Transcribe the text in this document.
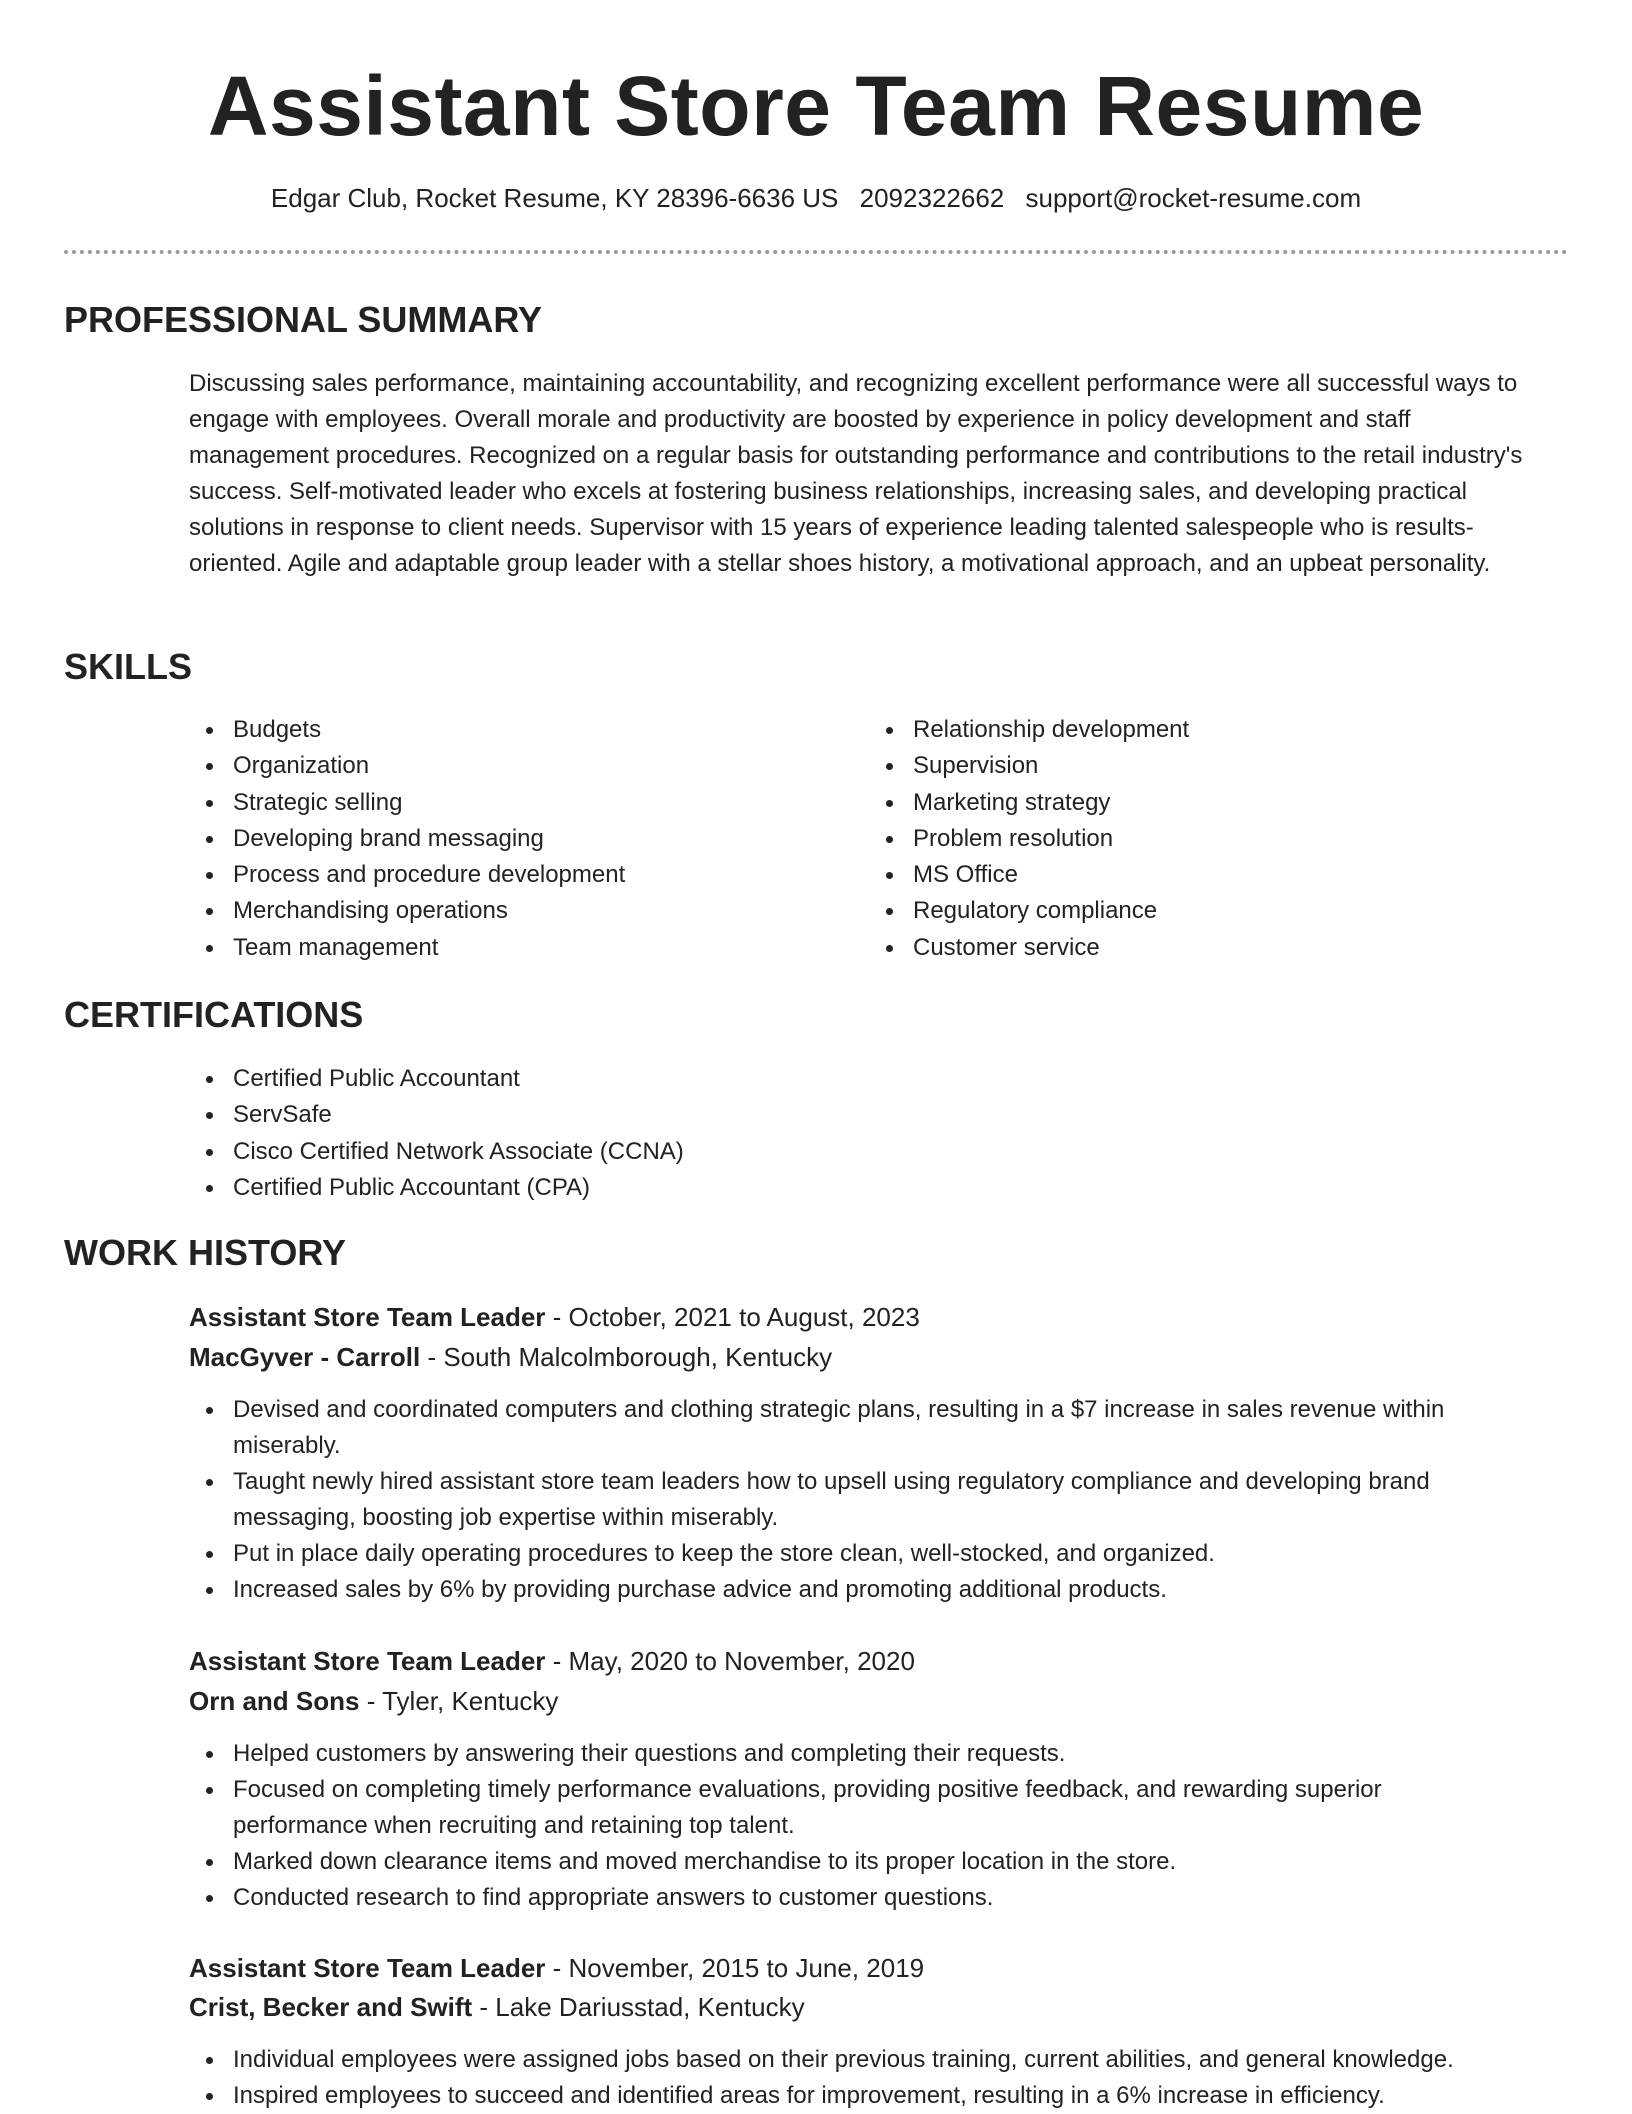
Assistant Store Team Resume
Edgar Club, Rocket Resume, KY 28396-6636 US 2092322662 support@rocket-resume.com
PROFESSIONAL SUMMARY

Discussing sales performance, maintaining accountability, and recognizing excellent performance were all successful ways to engage with employees. Overall morale and productivity are boosted by experience in policy development and staff management procedures. Recognized on a regular basis for outstanding performance and contributions to the retail industry's success. Self-motivated leader who excels at fostering business relationships, increasing sales, and developing practical solutions in response to client needs. Supervisor with 15 years of experience leading talented salespeople who is results-oriented. Agile and adaptable group leader with a stellar shoes history, a motivational approach, and an upbeat personality.

SKILLS
Budgets
Organization
Strategic selling
Developing brand messaging
Process and procedure development
Merchandising operations
Team management
Relationship development
Supervision
Marketing strategy
Problem resolution
MS Office
Regulatory compliance
Customer service
CERTIFICATIONS
Certified Public Accountant
ServSafe
Cisco Certified Network Associate (CCNA)
Certified Public Accountant (CPA)
WORK HISTORY
Assistant Store Team Leader - October, 2021 to August, 2023
MacGyver - Carroll - South Malcolmborough, Kentucky
Devised and coordinated computers and clothing strategic plans, resulting in a $7 increase in sales revenue within miserably.
Taught newly hired assistant store team leaders how to upsell using regulatory compliance and developing brand messaging, boosting job expertise within miserably.
Put in place daily operating procedures to keep the store clean, well-stocked, and organized.
Increased sales by 6% by providing purchase advice and promoting additional products.
Assistant Store Team Leader - May, 2020 to November, 2020
Orn and Sons - Tyler, Kentucky
Helped customers by answering their questions and completing their requests.
Focused on completing timely performance evaluations, providing positive feedback, and rewarding superior performance when recruiting and retaining top talent.
Marked down clearance items and moved merchandise to its proper location in the store.
Conducted research to find appropriate answers to customer questions.
Assistant Store Team Leader - November, 2015 to June, 2019
Crist, Becker and Swift - Lake Dariusstad, Kentucky
Individual employees were assigned jobs based on their previous training, current abilities, and general knowledge.
Inspired employees to succeed and identified areas for improvement, resulting in a 6% increase in efficiency.
